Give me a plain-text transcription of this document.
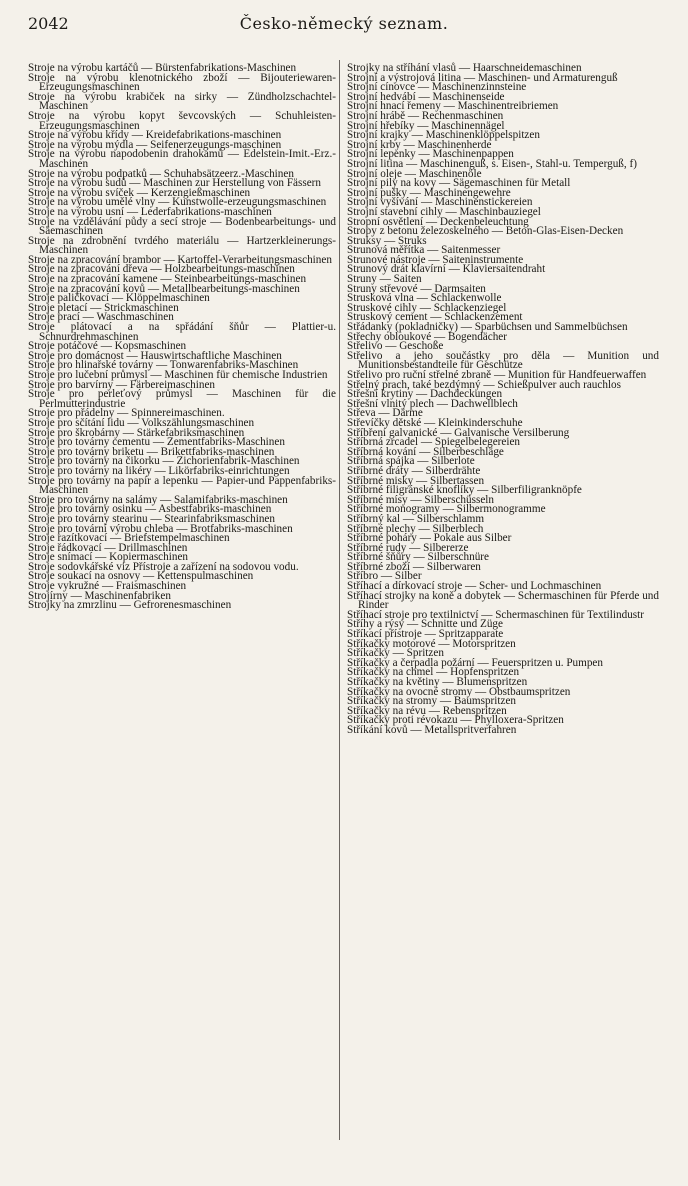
2042	Česko-německý seznam.

Stroje na výrobu kartáčů — Bürstenfabrikations-Maschinen

Stroje na výrobu klenotnického zboží — Bijouteriewaren-Erzeugungsmaschinen

Stroje na výrobu krabiček na sirky — Zündholzschachtel-Maschinen

Stroje na výrobu kopyt ševcovských — Schuhleisten-Erzeugungsmaschinen

Stroje na výrobu křídy — Kreidefabrikations-maschinen

Stroje na výrobu mýdla — Seifenerzeugungs-maschinen

Stroje na výrobu napodobenin drahokamů — Edelstein-Imit.-Erz.-Maschinen

Stroje na výrobu podpatků — Schuhabsätzeerz.-Maschinen

Stroje na výrobu sudů — Maschinen zur Herstellung von Fässern

Stroje na výrobu svíček — Kerzengießmaschinen

Stroje na výrobu umělé vlny — Kunstwolle-erzeugungsmaschinen

Stroje na výrobu usní — Lederfabrikations-maschinen

Stroje na vzdělávání půdy a secí stroje — Bodenbearbeitungs- und Säemaschinen

Stroje na zdrobnění tvrdého materiálu — Hartzerkleinerungs-Maschinen

Stroje na zpracování brambor — Kartoffel-Verarbeitungsmaschinen

Stroje na zpracování dřeva — Holzbearbeitungs-maschinen

Stroje na zpracování kamene — Steinbearbeitungs-maschinen

Stroje na zpracování kovů — Metallbearbeitungs-maschinen

Stroje paličkovací — Klöppelmaschinen

Stroje pletací — Strickmaschinen

Stroje prací — Waschmaschinen

Stroje plátovací a na spřádání šňůr — Plattier-u. Schnurdrehmaschinen

Stroje potáčové — Kopsmaschinen

Stroje pro domácnost — Hauswirtschaftliche Maschinen

Stroje pro hlinařské továrny — Tonwarenfabriks-Maschinen

Stroje pro lučební průmysl — Maschinen für chemische Industrien

Stroje pro barvírny — Färbereimaschinen

Stroje pro perleťový průmysl — Maschinen für die Perlmutterindustrie

Stroje pro přádelny — Spinnereimaschinen.

Stroje pro sčítání lidu — Volkszählungsmaschinen

Stroje pro škrobárny — Stärkefabriksmaschinen

Stroje pro továrny cementu — Zementfabriks-Maschinen

Stroje pro továrny briketu — Brikettfabriks-maschinen

Stroje pro továrny na čikorku — Zichorienfabrik-Maschinen

Stroje pro továrny na likéry — Likörfabriks-einrichtungen

Stroje pro továrny na papír a lepenku — Papier-und Pappenfabriks-Maschinen

Stroje pro továrny na salámy — Salamifabriks-maschinen

Stroje pro továrny osinku — Asbestfabriks-maschinen

Stroje pro továrny stearinu — Stearinfabriksmaschinen

Stroje pro tovární výrobu chleba — Brotfabriks-maschinen

Stroje razítkovací — Briefstempelmaschinen

Stroje řádkovací — Drillmaschinen

Stroje snímací — Kopiermaschinen

Stroje sodovkářské viz Přístroje a zařízení na sodovou vodu.

Stroje soukací na osnovy — Kettenspulmaschinen

Stroje vykružné — Fraismaschinen

Strojírny — Maschinenfabriken

Strojky na zmrzlinu — Gefrorenesmaschinen

Strojky na stříhání vlasů — Haarschneidemaschinen

Strojní a výstrojová litina — Maschinen- und Armaturenguß

Strojní cínovce — Maschinenzinnsteine

Strojní hedvábí — Maschinenseide

Strojní hnací řemeny — Maschinentreibriemen

Strojní hrábě — Rechenmaschinen

Strojní hřebíky — Maschinennägel

Strojní krajky — Maschinenklöppelspitzen

Strojní krby — Maschinenherde

Strojní lepenky — Maschinenpappen

Strojní litina — Maschinenguß, s. Eisen-, Stahl-u. Temperguß, f)

Strojní oleje — Maschinenöle

Strojní pily na kovy — Sägemaschinen für Metall

Strojní pušky — Maschinengewehre

Strojní vyšívání — Maschinenstickereien

Strojní stavební cihly — Maschinbauziegel

Stropní osvětlení — Deckenbeleuchtung

Stropy z betonu železoskelného — Beton-Glas-Eisen-Decken

Struksy — Struks

Strunová měřítka — Saitenmesser

Strunové nástroje — Saiteninstrumente

Strunový drát klavírní — Klaviersaitendraht

Struny — Saiten

Struny střevové — Darmsaiten

Strusková vlna — Schlackenwolle

Struskové cihly — Schlackenziegel

Struskový cement — Schlackenzement

Střádanky (pokladničky) — Sparbüchsen und Sammelbüchsen

Střechy obloukové — Bogendächer

Střelivo — Geschoße

Střelivo a jeho součástky pro děla — Munition und Munitionsbestandteile für Geschütze

Střelivo pro ruční střelné zbraně — Munition für Handfeuerwaffen

Střelný prach, také bezdýmný — Schießpulver auch rauchlos

Střešní krytiny — Dachdeckungen

Střešní vlnitý plech — Dachwellblech

Střeva — Därme

Střevíčky dětské — Kleinkinderschuhe

Stříbření galvanické — Galvanische Versilberung

Stříbrná zrcadel — Spiegelbelegereien

Stříbrná kování — Silberbeschläge

Stříbrná spájka — Silberlote

Stříbrné dráty — Silberdrähte

Stříbrné misky — Silbertassen

Stříbrné filigránské knoflíky — Silberfiligranknöpfe

Stříbrné mísy — Silberschüsseln

Stříbrné monogramy — Silbermonogramme

Stříbrný kal — Silberschlamm

Stříbrné plechy — Silberblech

Stříbrné poháry — Pokale aus Silber

Stříbrné rudy — Silbererze

Stříbrné šňůry — Silberschnüre

Stříbrné zboží — Silberwaren

Stříbro — Silber

Stříhací a dírkovací stroje — Scher- und Lochmaschinen

Stříhací strojky na koně a dobytek — Schermaschinen für Pferde und Rinder

Stříhací stroje pro textilnictví — Schermaschinen für Textilindustr

Stříhy a rýsy — Schnitte und Züge

Stříkací přístroje — Spritzapparate

Stříkačky motorové — Motorspritzen

Stříkačky — Spritzen

Stříkačky a čerpadla požární — Feuerspritzen u. Pumpen

Stříkačky na chmel — Hopfenspritzen

Stříkačky na květiny — Blumenspritzen

Stříkačky na ovocné stromy — Obstbaumspritzen

Stříkačky na stromy — Baumspritzen

Stříkačky na révu — Rebenspritzen

Stříkačky proti révokazu — Phylloxera-Spritzen

Stříkání kovů — Metallspritverfahren
